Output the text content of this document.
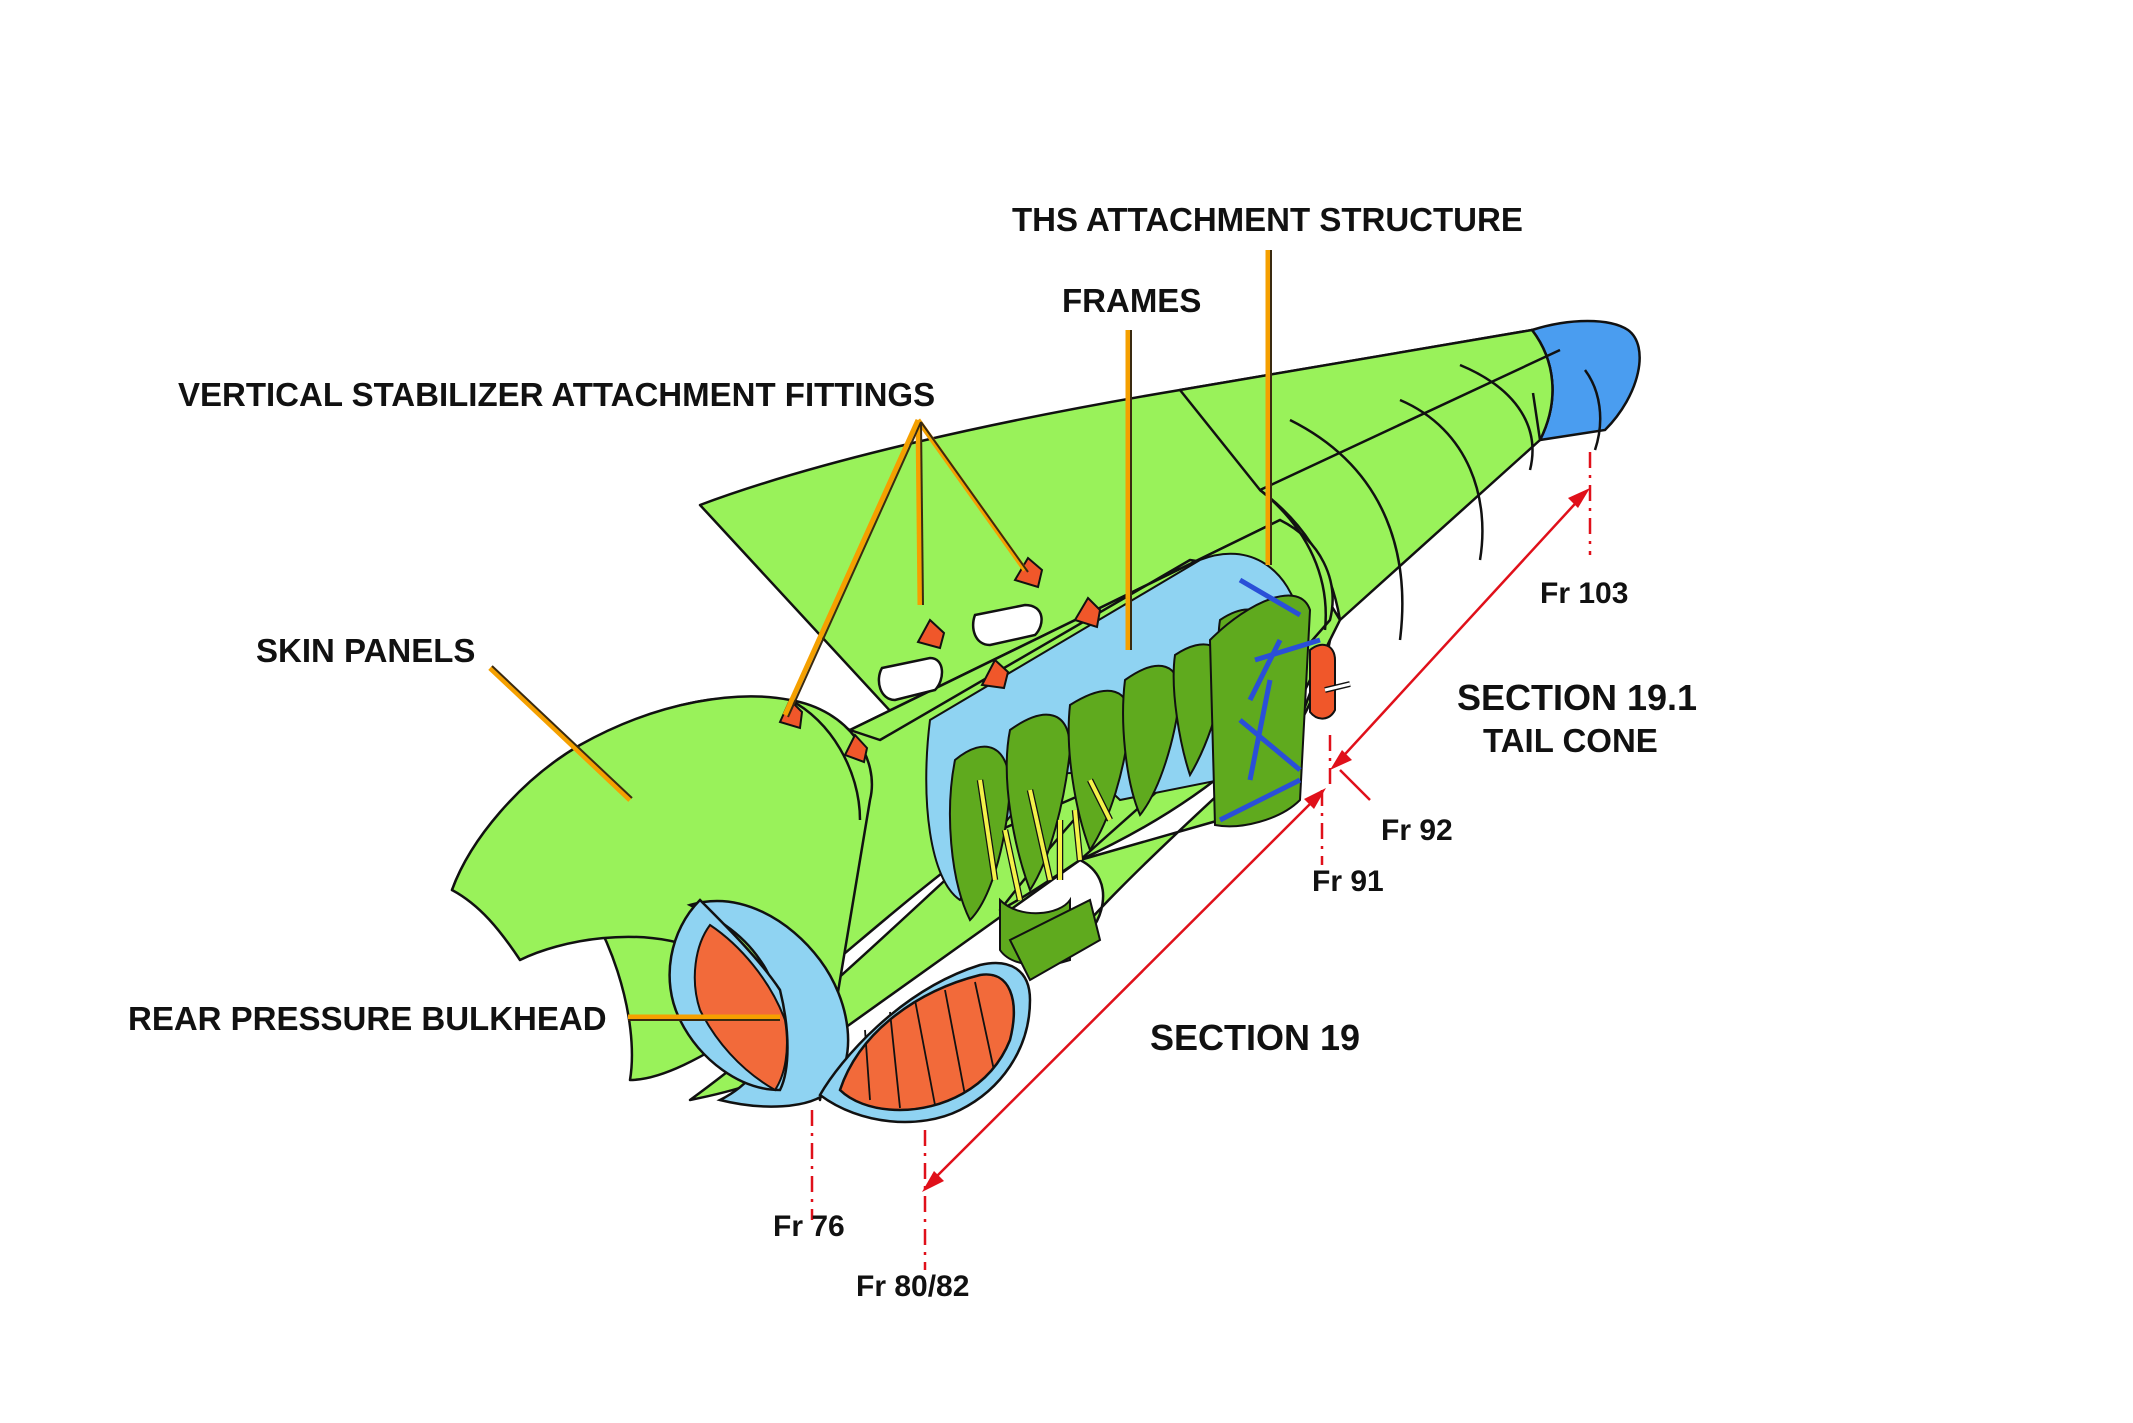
THS ATTACHMENT STRUCTURE
FRAMES
VERTICAL STABILIZER ATTACHMENT FITTINGS
SKIN PANELS
REAR PRESSURE BULKHEAD	SECTION 19
SECTION 19.1
TAIL CONE
Fr 76
Fr 80/82
Fr 91
Fr 92
Fr 103
